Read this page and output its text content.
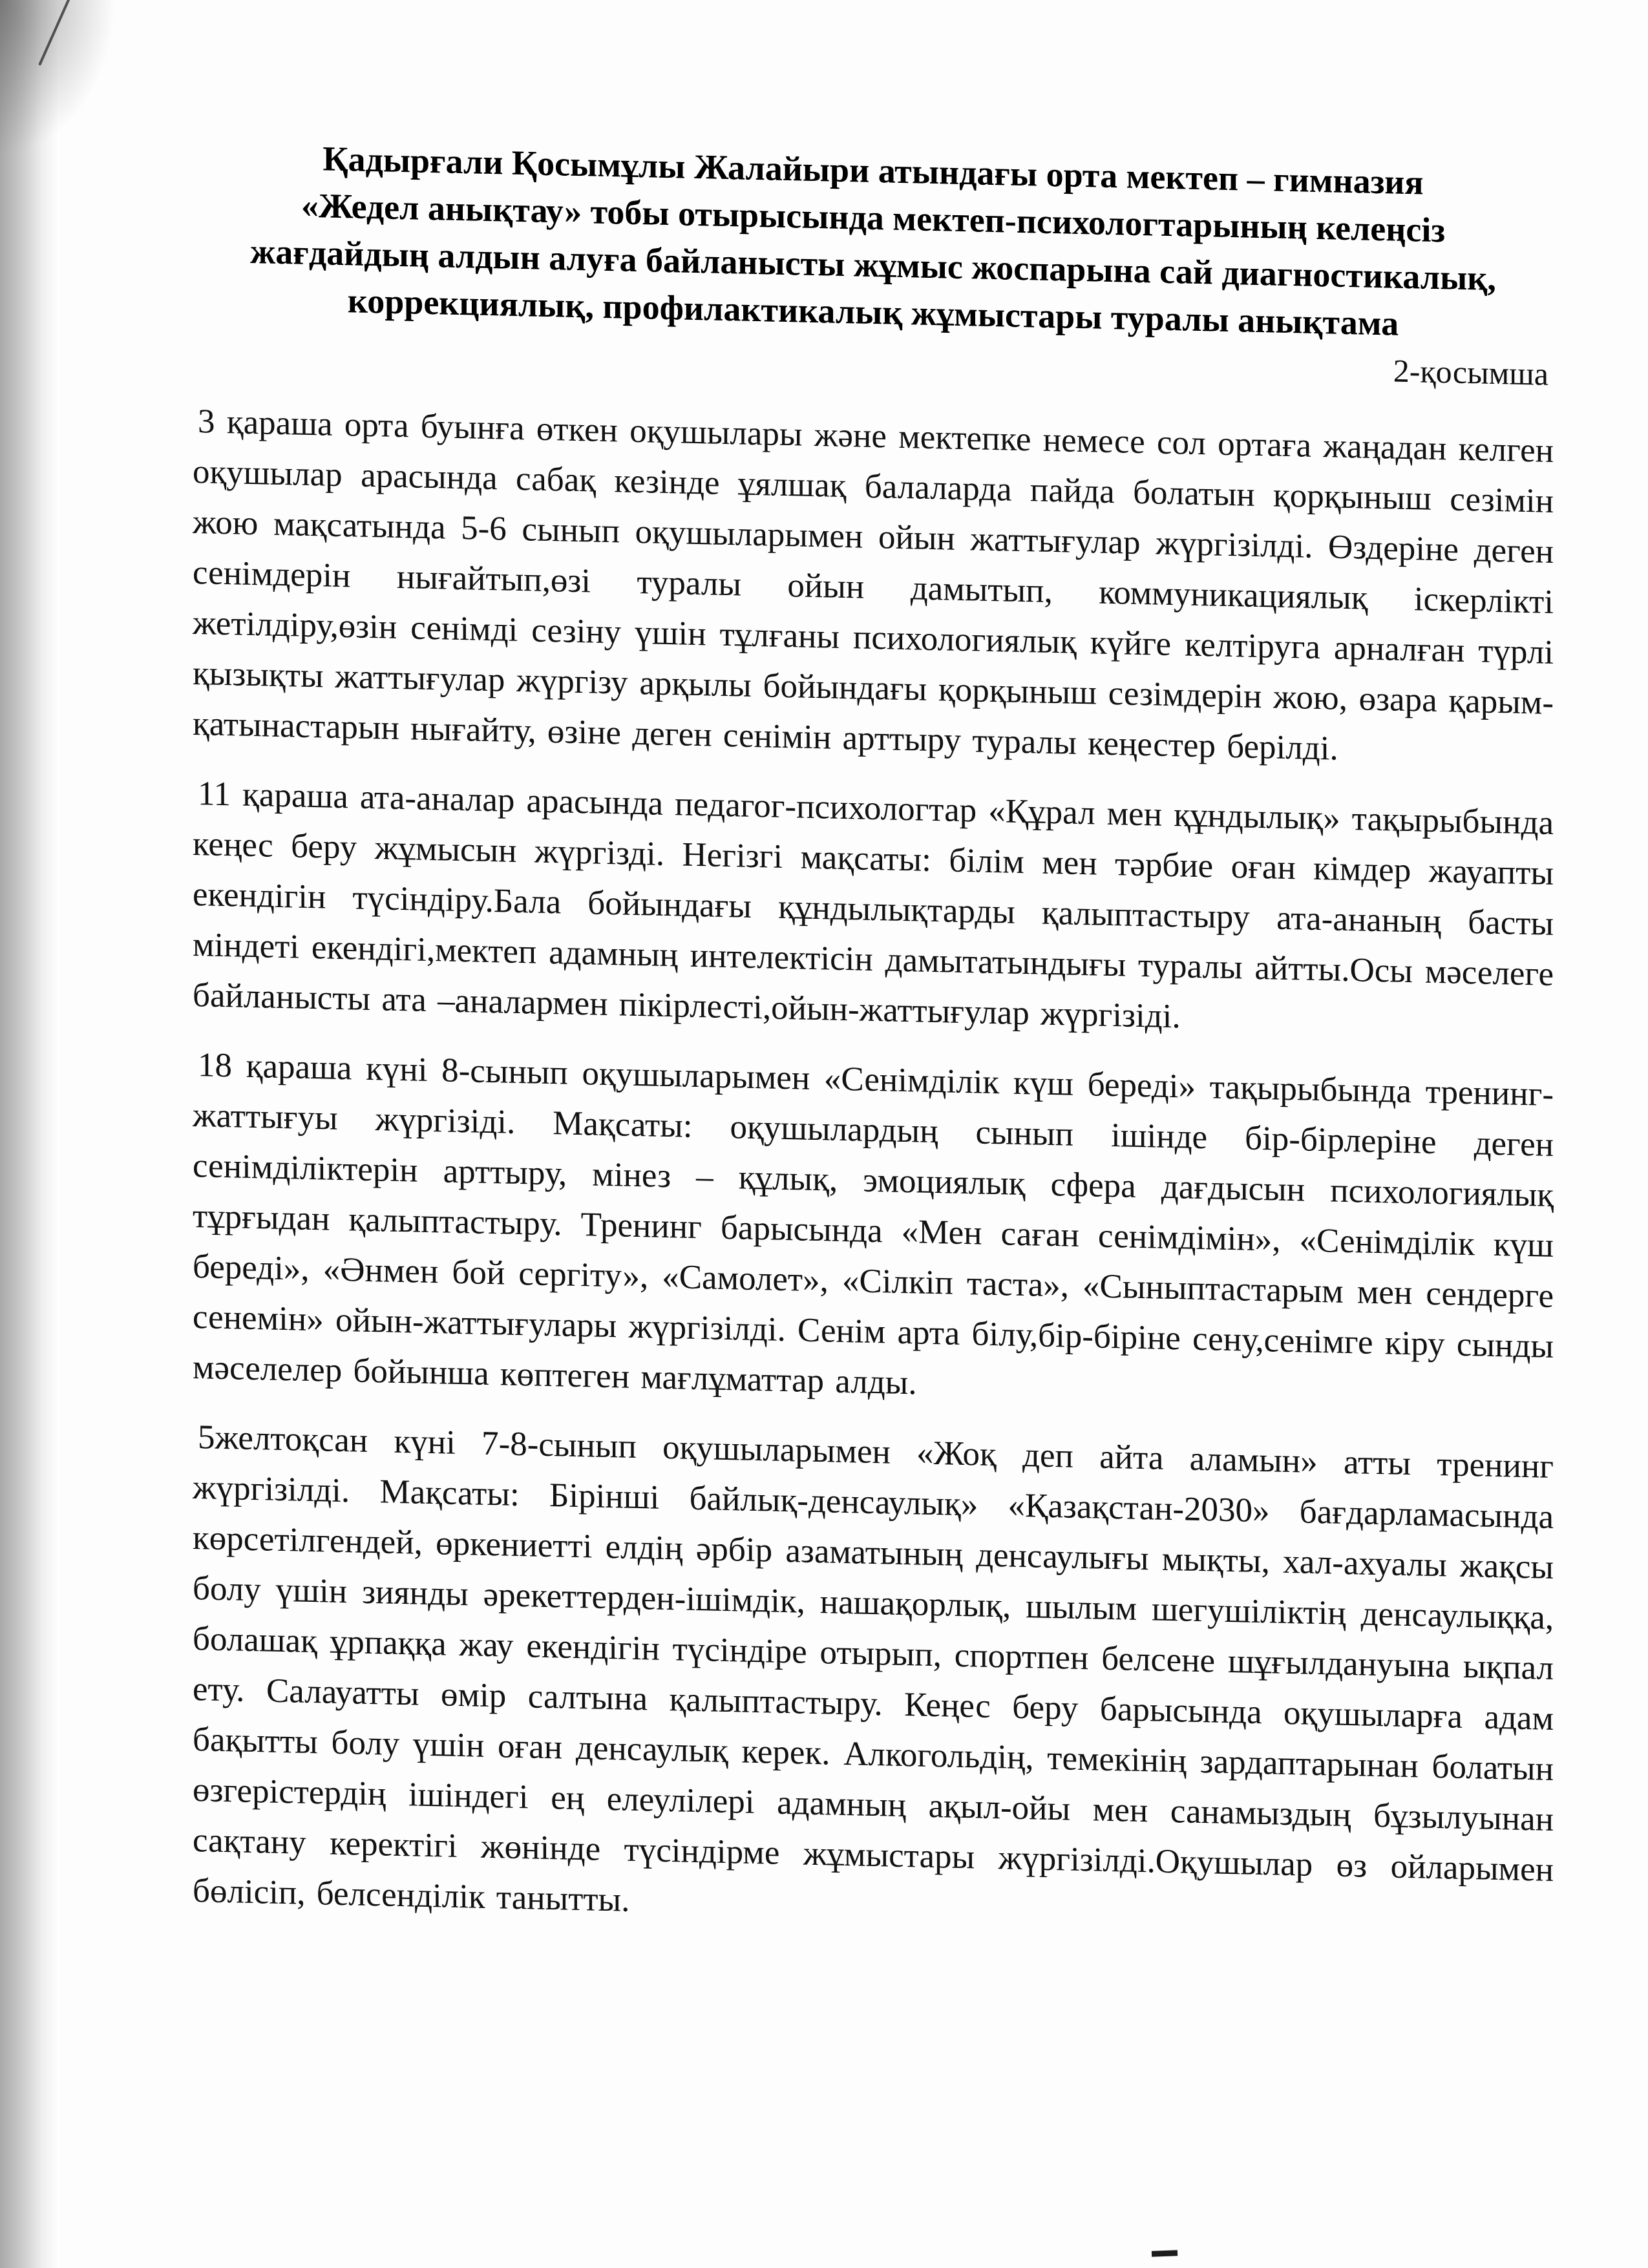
Қадырғали Қосымұлы Жалайыри атындағы орта мектеп – гимназия
«Жедел анықтау» тобы отырысында мектеп-психологтарының келеңсіз
жағдайдың алдын алуға байланысты жұмыс жоспарына сай диагностикалық,
коррекциялық, профилактикалық жұмыстары туралы анықтама
2-қосымша

3 қараша орта буынға өткен оқушылары және мектепке немесе сол ортаға жаңадан келген оқушылар арасында сабақ кезінде ұялшақ балаларда пайда болатын қорқыныш сезімін жою мақсатында 5-6 сынып оқушыларымен ойын жаттығулар жүргізілді. Өздеріне деген сенімдерін нығайтып,өзі туралы ойын дамытып, коммуникациялық іскерлікті жетілдіру,өзін сенімді сезіну үшін тұлғаны психологиялық күйге келтіруга арналған түрлі қызықты жаттығулар жүргізу арқылы бойындағы қорқыныш сезімдерін жою, өзара қарым-қатынастарын нығайту, өзіне деген сенімін арттыру туралы кеңестер берілді.

11 қараша ата-аналар арасында педагог-психологтар «Құрал мен құндылық» тақырыбында кеңес беру жұмысын жүргізді. Негізгі мақсаты: білім мен тәрбие оған кімдер жауапты екендігін түсіндіру.Бала бойындағы құндылықтарды қалыптастыру ата-ананың басты міндеті екендігі,мектеп адамның интелектісін дамытатындығы туралы айтты.Осы мәселеге байланысты ата –аналармен пікірлесті,ойын-жаттығулар жүргізіді.

18 қараша күні 8-сынып оқушыларымен «Сенімділік күш береді» тақырыбында тренинг-жаттығуы жүргізіді. Мақсаты: оқушылардың сынып ішінде бір-бірлеріне деген сенімділіктерін арттыру, мінез – құлық, эмоциялық сфера дағдысын психологиялық тұрғыдан қалыптастыру. Тренинг барысында «Мен саған сенімдімін», «Сенімділік күш береді», «Әнмен бой сергіту», «Самолет», «Сілкіп таста», «Сыныптастарым мен сендерге сенемін» ойын-жаттығулары жүргізілді. Сенім арта білу,бір-біріне сену,сенімге кіру сынды мәселелер бойынша көптеген мағлұматтар алды.

5желтоқсан күні 7-8-сынып оқушыларымен «Жоқ деп айта аламын» атты тренинг жүргізілді. Мақсаты: Бірінші байлық-денсаулық» «Қазақстан-2030» бағдарламасында көрсетілгендей, өркениетті елдің әрбір азаматының денсаулығы мықты, хал-ахуалы жақсы болу үшін зиянды әрекеттерден-ішімдік, нашақорлық, шылым шегушіліктің денсаулыққа, болашақ ұрпаққа жау екендігін түсіндіре отырып, спортпен белсене шұғылдануына ықпал ету. Салауатты өмір салтына қалыптастыру. Кеңес беру барысында оқушыларға адам бақытты болу үшін оған денсаулық керек. Алкогольдің, темекінің зардаптарынан болатын өзгерістердің ішіндегі ең елеулілері адамның ақыл-ойы мен санамыздың бұзылуынан сақтану керектігі жөнінде түсіндірме жұмыстары жүргізілді.Оқушылар өз ойларымен бөлісіп, белсенділік танытты.
